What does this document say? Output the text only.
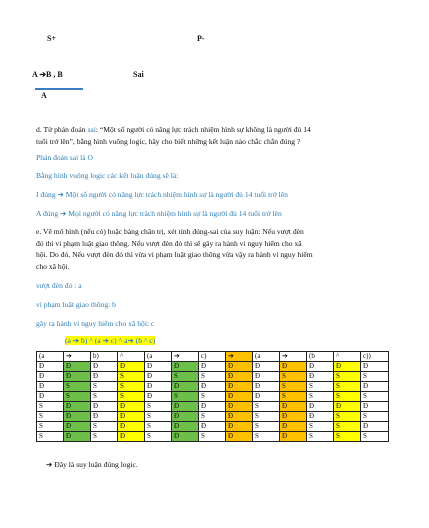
S+	P-
A ➔B , B	Sai
A
d. Từ phán đoán sai: “Một số người có năng lực trách nhiệm hình sự không là người đủ 14
tuổi trở lên”, bằng hình vuông logic, hãy cho biết những kết luận nào chắc chắn đúng ?
Phán đoán sai là O
Bằng hình vuông logic các kết luận đúng sẽ là:
I đúng ➔ Một số người có năng lực trách nhiệm hình sự là người đủ 14 tuổi trở lên
A đúng ➔ Mọi người có năng lực trách nhiệm hình sự là người đủ 14 tuổi trở lên
e. Vẽ mô hình (nếu có) hoặc bảng chân trị, xét tính đúng-sai của suy luận: Nếu vượt đèn
đỏ thì vi phạm luật giao thông. Nếu vượt đèn đỏ thì sẽ gây ra hành vi nguy hiểm cho xã
hội. Do đó, Nếu vượt đèn đỏ thì vừa vi phạm luật giao thông vừa vậy ra hành vi nguy hiểm
cho xã hội.
vượt đèn đỏ : a
vi phạm luật giao thông: b
gây ra hành vi nguy hiểm cho xã hội: c
(a ➔ b) ^ (a ➔ c) ^ a➔ (b ^ c)
(a	➔	b)	^	(a	➔	c)	➔	(a	➔	(b	^	c))
Đ	Đ	Đ	Đ	Đ	Đ	Đ	Đ	Đ	Đ	Đ	Đ	Đ
Đ	Đ	Đ	S	Đ	S	S	Đ	Đ	S	Đ	S	S
Đ	S	S	S	Đ	Đ	Đ	Đ	Đ	S	S	S	Đ
Đ	S	S	S	Đ	S	S	Đ	Đ	S	S	S	S
S	Đ	Đ	Đ	S	Đ	Đ	Đ	S	Đ	Đ	Đ	Đ
S	Đ	Đ	Đ	S	Đ	S	Đ	S	Đ	Đ	S	S
S	Đ	S	Đ	S	Đ	Đ	Đ	S	Đ	S	S	Đ
S	Đ	S	Đ	S	Đ	S	Đ	S	Đ	S	S	S
➔ Đây là suy luận đúng logic.
